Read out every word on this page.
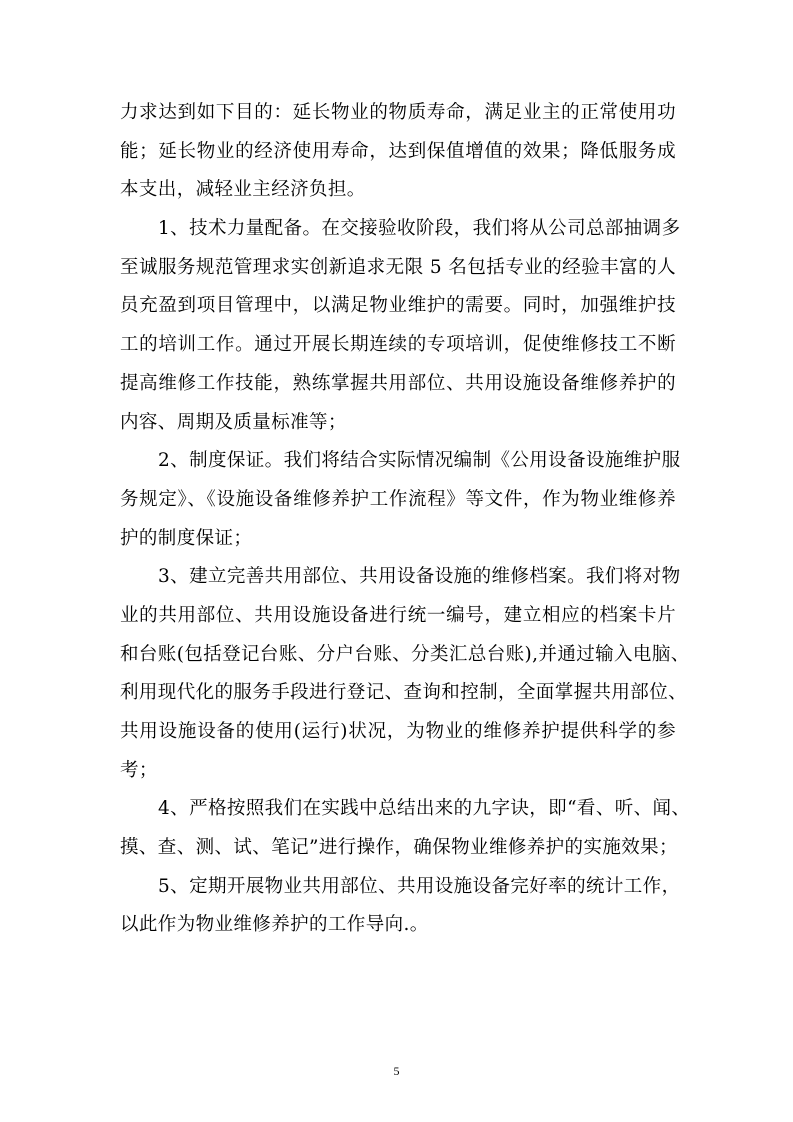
力求达到如下目的：延长物业的物质寿命，满足业主的正常使用功
能；延长物业的经济使用寿命，达到保值增值的效果；降低服务成
本支出，减轻业主经济负担。
1、技术力量配备。在交接验收阶段，我们将从公司总部抽调多
至诚服务规范管理求实创新追求无限 5 名包括专业的经验丰富的人
员充盈到项目管理中，以满足物业维护的需要。同时，加强维护技
工的培训工作。通过开展长期连续的专项培训，促使维修技工不断
提高维修工作技能，熟练掌握共用部位、共用设施设备维修养护的
内容、周期及质量标准等；
2、制度保证。我们将结合实际情况编制《公用设备设施维护服
务规定》、《设施设备维修养护工作流程》等文件，作为物业维修养
护的制度保证；
3、建立完善共用部位、共用设备设施的维修档案。我们将对物
业的共用部位、共用设施设备进行统一编号，建立相应的档案卡片
和台账(包括登记台账、分户台账、分类汇总台账),并通过输入电脑、
利用现代化的服务手段进行登记、查询和控制，全面掌握共用部位、
共用设施设备的使用(运行)状况，为物业的维修养护提供科学的参
考；
4、严格按照我们在实践中总结出来的九字诀，即“看、听、闻、
摸、查、测、试、笔记”进行操作，确保物业维修养护的实施效果；
5、定期开展物业共用部位、共用设施设备完好率的统计工作，
以此作为物业维修养护的工作导向.。
5
